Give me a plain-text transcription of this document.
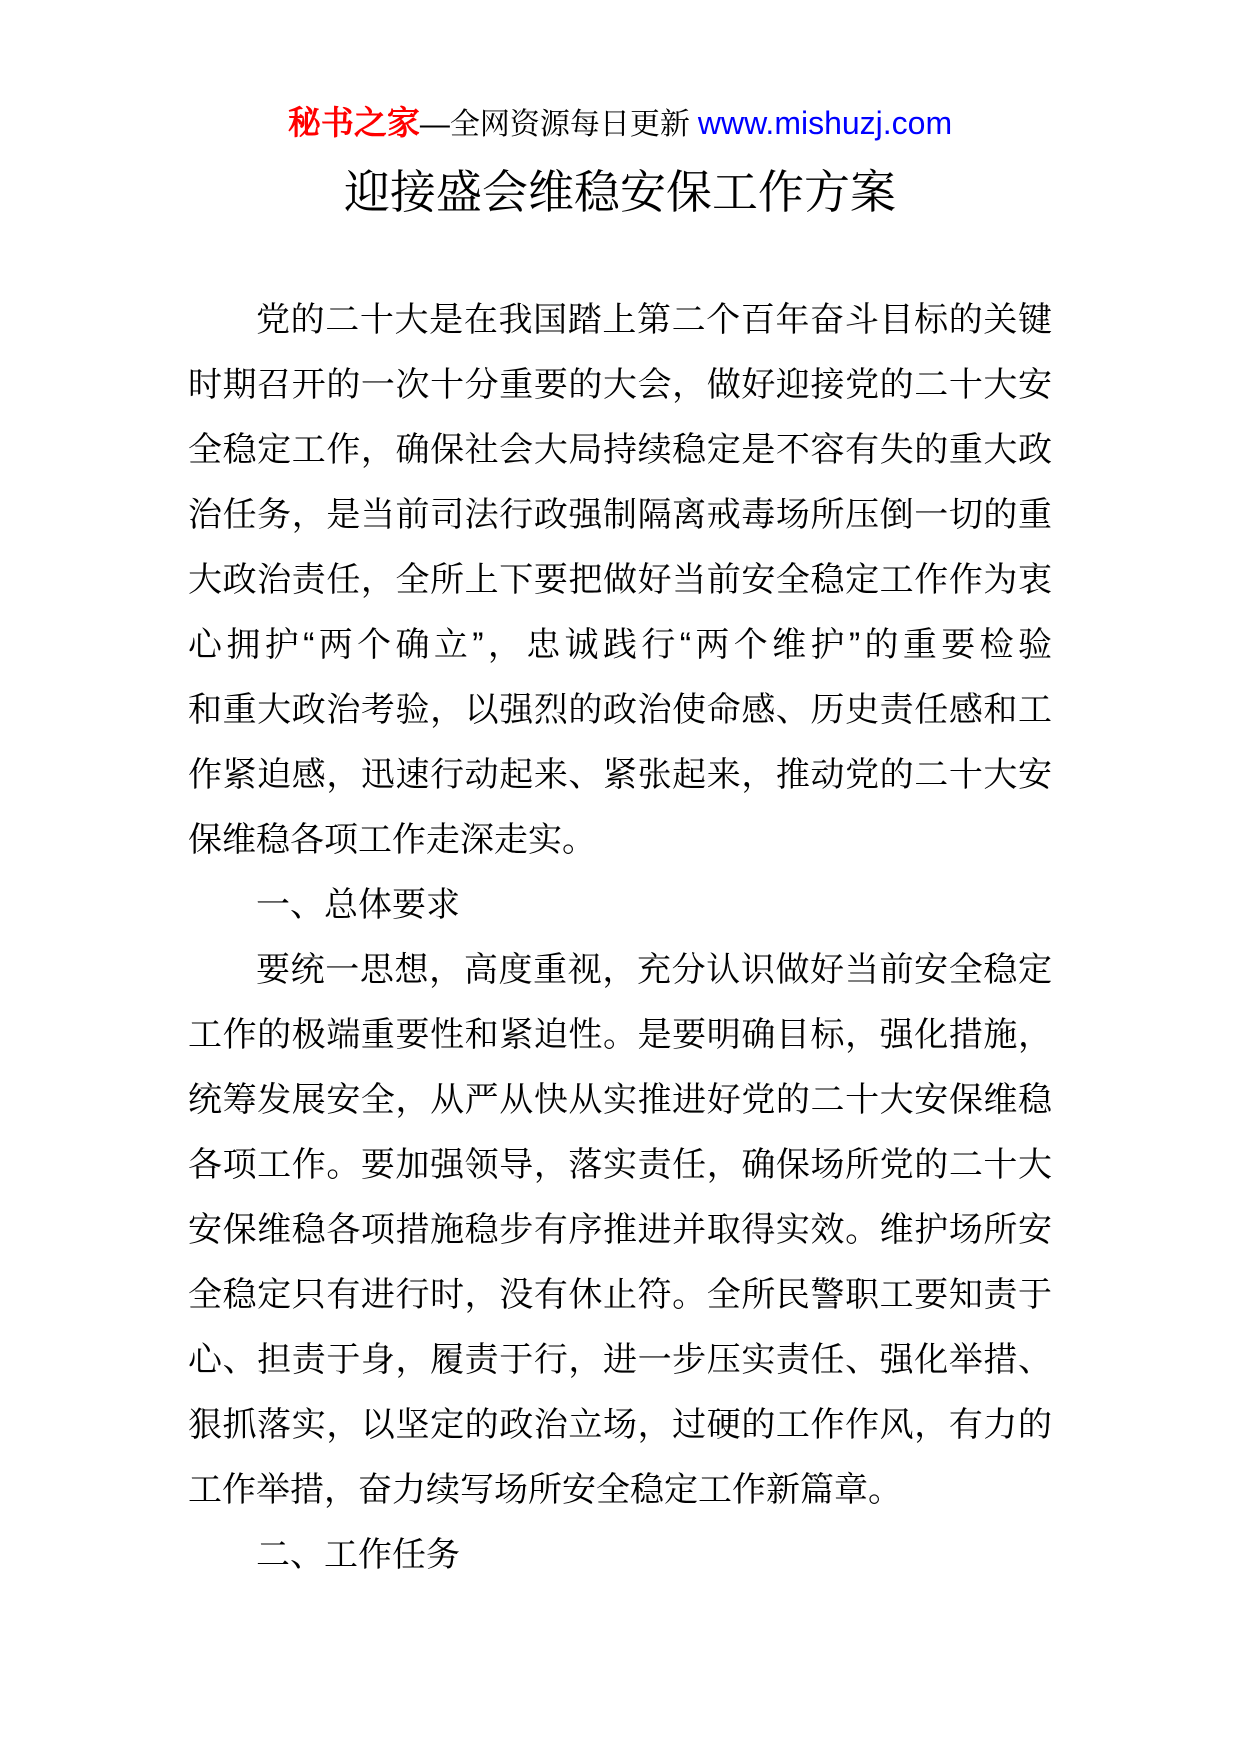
秘书之家—全网资源每日更新 www.mishuzj.com
迎接盛会维稳安保工作方案
党的二十大是在我国踏上第二个百年奋斗目标的关键
时期召开的一次十分重要的大会，做好迎接党的二十大安
全稳定工作，确保社会大局持续稳定是不容有失的重大政
治任务，是当前司法行政强制隔离戒毒场所压倒一切的重
大政治责任，全所上下要把做好当前安全稳定工作作为衷
心拥护“两个确立”，忠诚践行“两个维护”的重要检验
和重大政治考验，以强烈的政治使命感、历史责任感和工
作紧迫感，迅速行动起来、紧张起来，推动党的二十大安
保维稳各项工作走深走实。
一、总体要求
要统一思想，高度重视，充分认识做好当前安全稳定
工作的极端重要性和紧迫性。是要明确目标，强化措施，
统筹发展安全，从严从快从实推进好党的二十大安保维稳
各项工作。要加强领导，落实责任，确保场所党的二十大
安保维稳各项措施稳步有序推进并取得实效。维护场所安
全稳定只有进行时，没有休止符。全所民警职工要知责于
心、担责于身，履责于行，进一步压实责任、强化举措、
狠抓落实，以坚定的政治立场，过硬的工作作风，有力的
工作举措，奋力续写场所安全稳定工作新篇章。
二、工作任务
